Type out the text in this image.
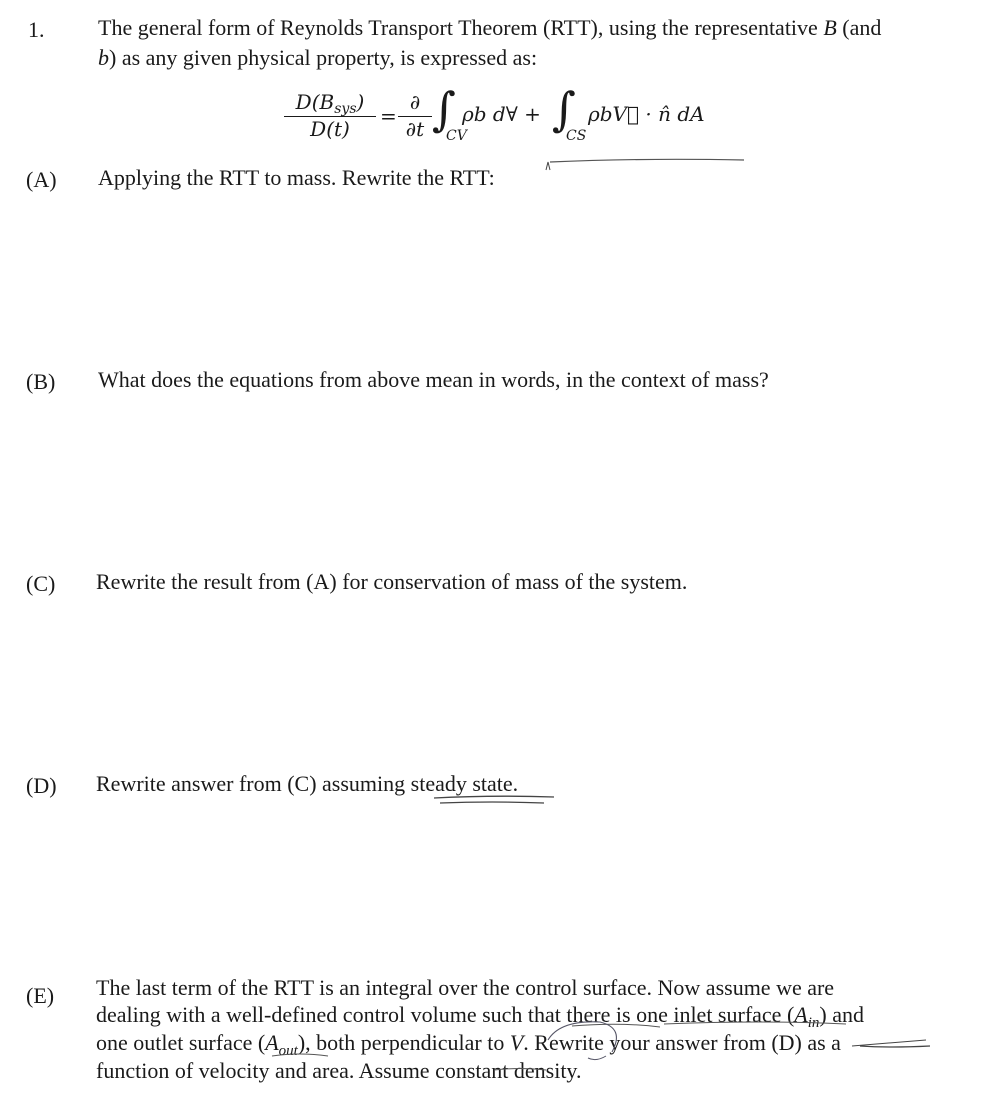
1. The general form of Reynolds Transport Theorem (RTT), using the representative B (and
b) as any given physical property, is expressed as:
$D(B_{sys})$
D(t)
=
∂
∂t ∫
CV
ρb d∀ + ∫
CS
ρbV⃗ · n̂ dA
(A) Applying the RTT to mass. Rewrite the RTT:
(B) What does the equations from above mean in words, in the context of mass?
(C) Rewrite the result from (A) for conservation of mass of the system.
(D) Rewrite answer from (C) assuming steady state.
(E) The last term of the RTT is an integral over the control surface. Now assume we are
dealing with a well-defined control volume such that there is one inlet surface $(A_{in})$ and
one outlet surface $(A_{out})$, both perpendicular to V. Rewrite your answer from (D) as a
function of velocity and area. Assume constant density.
